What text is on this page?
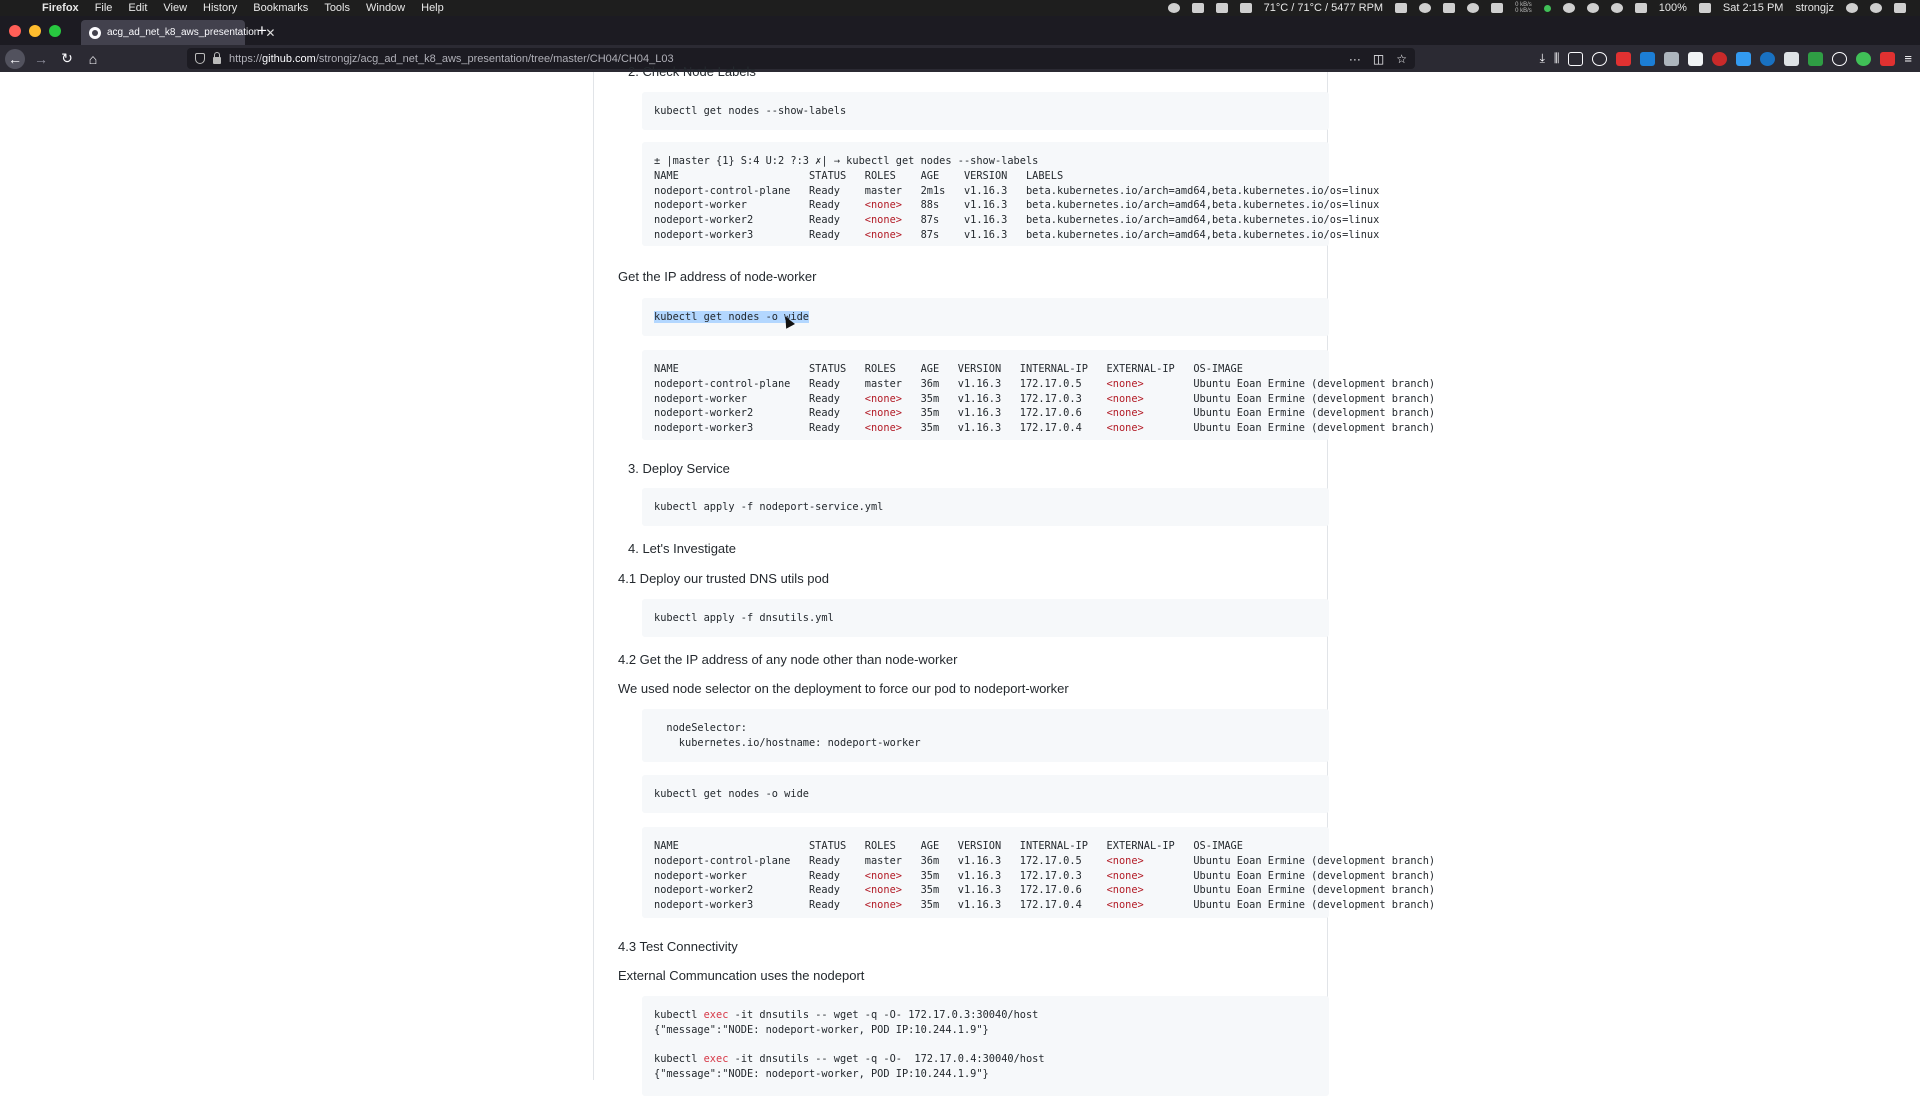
Firefox File Edit View History Bookmarks Tools Window Help	71°C / 71°C / 5477 RPM	0 kB/s
0 kB/s	100%	Sat 2:15 PM strongjz
acg_ad_net_k8_aws_presentation ✕
+
← → ↻	⌂	https:// github.com /strongjz/acg_ad_net_k8_aws_presentation/tree/master/CH04/CH04_L03	··· ◫ ☆	⤓ ⫼	≡
2. Check Node Labels
kubectl get nodes --show-labels
± |master {1} S:4 U:2 ?:3 ✗| → kubectl get nodes --show-labels
NAME                     STATUS   ROLES    AGE    VERSION   LABELS
nodeport-control-plane   Ready    master   2m1s   v1.16.3   beta.kubernetes.io/arch=amd64,beta.kubernetes.io/os=linux
nodeport-worker          Ready    <none>   88s    v1.16.3   beta.kubernetes.io/arch=amd64,beta.kubernetes.io/os=linux
nodeport-worker2         Ready    <none>   87s    v1.16.3   beta.kubernetes.io/arch=amd64,beta.kubernetes.io/os=linux
nodeport-worker3         Ready    <none>   87s    v1.16.3   beta.kubernetes.io/arch=amd64,beta.kubernetes.io/os=linux
Get the IP address of node-worker
kubectl get nodes -o wide
NAME                     STATUS   ROLES    AGE   VERSION   INTERNAL-IP   EXTERNAL-IP   OS-IMAGE
nodeport-control-plane   Ready    master   36m   v1.16.3   172.17.0.5    <none>        Ubuntu Eoan Ermine (development branch)
nodeport-worker          Ready    <none>   35m   v1.16.3   172.17.0.3    <none>        Ubuntu Eoan Ermine (development branch)
nodeport-worker2         Ready    <none>   35m   v1.16.3   172.17.0.6    <none>        Ubuntu Eoan Ermine (development branch)
nodeport-worker3         Ready    <none>   35m   v1.16.3   172.17.0.4    <none>        Ubuntu Eoan Ermine (development branch)
3. Deploy Service
kubectl apply -f nodeport-service.yml
4. Let's Investigate
4.1 Deploy our trusted DNS utils pod
kubectl apply -f dnsutils.yml
4.2 Get the IP address of any node other than node-worker
We used node selector on the deployment to force our pod to nodeport-worker
nodeSelector:
kubernetes.io/hostname: nodeport-worker
kubectl get nodes -o wide
NAME                     STATUS   ROLES    AGE   VERSION   INTERNAL-IP   EXTERNAL-IP   OS-IMAGE
nodeport-control-plane   Ready    master   36m   v1.16.3   172.17.0.5    <none>        Ubuntu Eoan Ermine (development branch)
nodeport-worker          Ready    <none>   35m   v1.16.3   172.17.0.3    <none>        Ubuntu Eoan Ermine (development branch)
nodeport-worker2         Ready    <none>   35m   v1.16.3   172.17.0.6    <none>        Ubuntu Eoan Ermine (development branch)
nodeport-worker3         Ready    <none>   35m   v1.16.3   172.17.0.4    <none>        Ubuntu Eoan Ermine (development branch)
4.3 Test Connectivity
External Communcation uses the nodeport
kubectl exec -it dnsutils -- wget -q -O- 172.17.0.3:30040/host
{"message":"NODE: nodeport-worker, POD IP:10.244.1.9"}
kubectl exec -it dnsutils -- wget -q -O-  172.17.0.4:30040/host
{"message":"NODE: nodeport-worker, POD IP:10.244.1.9"}
